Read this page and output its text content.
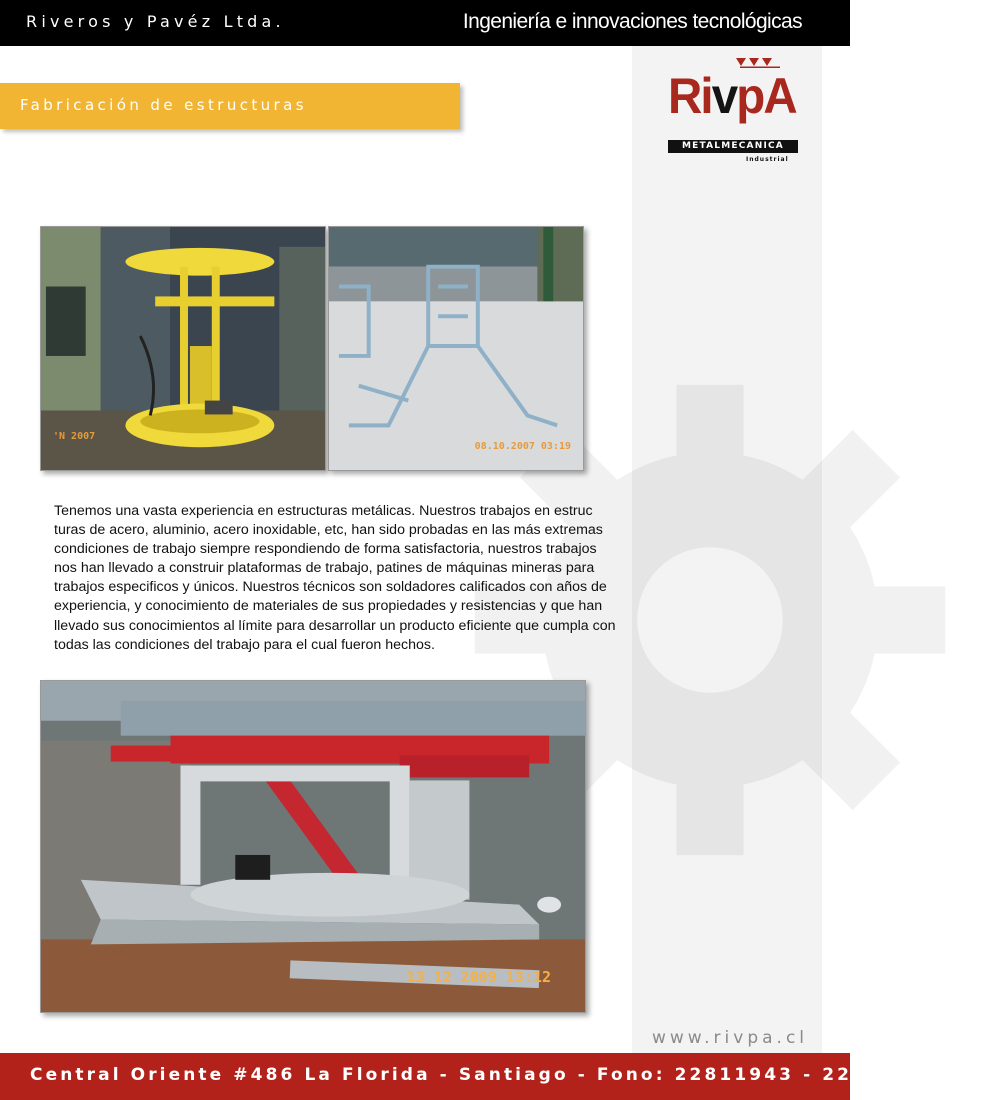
Riveros y Pavéz Ltda.	Ingeniería e innovaciones tecnológicas
Fabricación de estructuras	RivpA
METALMECANICA
Industrial
'N 2007
08.10.2007 03:19
Tenemos una vasta experiencia en estructuras metálicas. Nuestros trabajos en estruc
turas de acero, aluminio, acero inoxidable, etc, han sido probadas en las más extremas
condiciones de trabajo siempre respondiendo de forma satisfactoria, nuestros trabajos
nos han llevado a construir plataformas de trabajo, patines de máquinas mineras para
trabajos especificos y únicos. Nuestros técnicos son soldadores calificados con años de
experiencia, y conocimiento de materiales de sus propiedades y resistencias y que han
llevado sus conocimientos al límite para desarrollar un producto eficiente que cumpla con
todas las condiciones del trabajo para el cual fueron hechos.
13 12 2009 13:12
www.rivpa.cl
Central Oriente #486 La Florida - Santiago - Fono: 22811943 - 22628257
